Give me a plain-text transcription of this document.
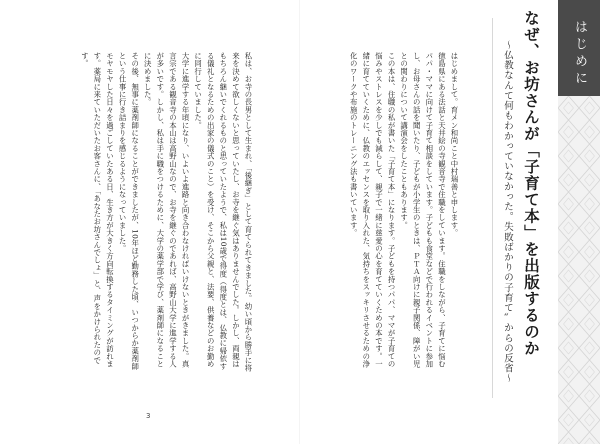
私は、お寺の長男として生まれ、「後継ぎ」として育てられてきました。幼い頃から勝手に将来を決めて欲しくないと思っていたし、お寺を継ぐ気はありませんでした。しかし、両親はもちろん継いでくれるものと思っていたようで、私は10歳で得度（得度とは、仏教に帰依する儀礼となるための出家の儀式のこと）を受け、そこから父親と、法要、供養などのお勤めに同行していました。

大学に進学する年頃になり、いよいよ進路と向き合わなければいけないときがきました。真言宗である観音寺の本山は高野山なので、お寺を継ぐのであれば、高野山大学に進学する人が多いです。しかし、私は手に職をつけるために、大学の薬学部で学び、薬剤師になることに決めました。

その後、無事に薬剤師になることができましたが、10年ほど勤務した頃、いつからか薬剤師という仕事に行き詰まりを感じるようになっていました。

モヤモヤした日々を過ごしていたある日、生き方が大きく方向転換するタイミングが訪れます。薬局に来ていただいたお客さんに、「あなたお坊さんでしょ」と、声をかけられたのです。

3

はじめまして。育メン和尚こと中村瑞善と申します。

徳島県にある法話と天井絵の寺観音寺で住職をしています。住職をしながら、子育てに悩むパパ・ママに向けて子育て相談をしています。子どもも食堂などで行われるイベントに参加し、お母さんの話を聞いたり、子どもが小学生のときは、ＰＴＡ向けに親子関係、障がい児との関わりについて講演会をしたこともあります。

この本は、住職の私が書いた「子育て本」になります。子どもを持つパパ、ママが子育ての悩みやストレスを少しでも減らして、親子で一緒に慈愛の心を育てていくための本です。一緒に育てていくために、仏教のエッセンスを取り入れた、気持ちをスッキリさせるための浄化のワークや布施のトレーニング法も書いています。	〜仏教なんて何もわかっていなかった。失敗ばかりの子育て〟からの反省〜 なぜ、お坊さんが「子育て本」を出版するのか はじめに
